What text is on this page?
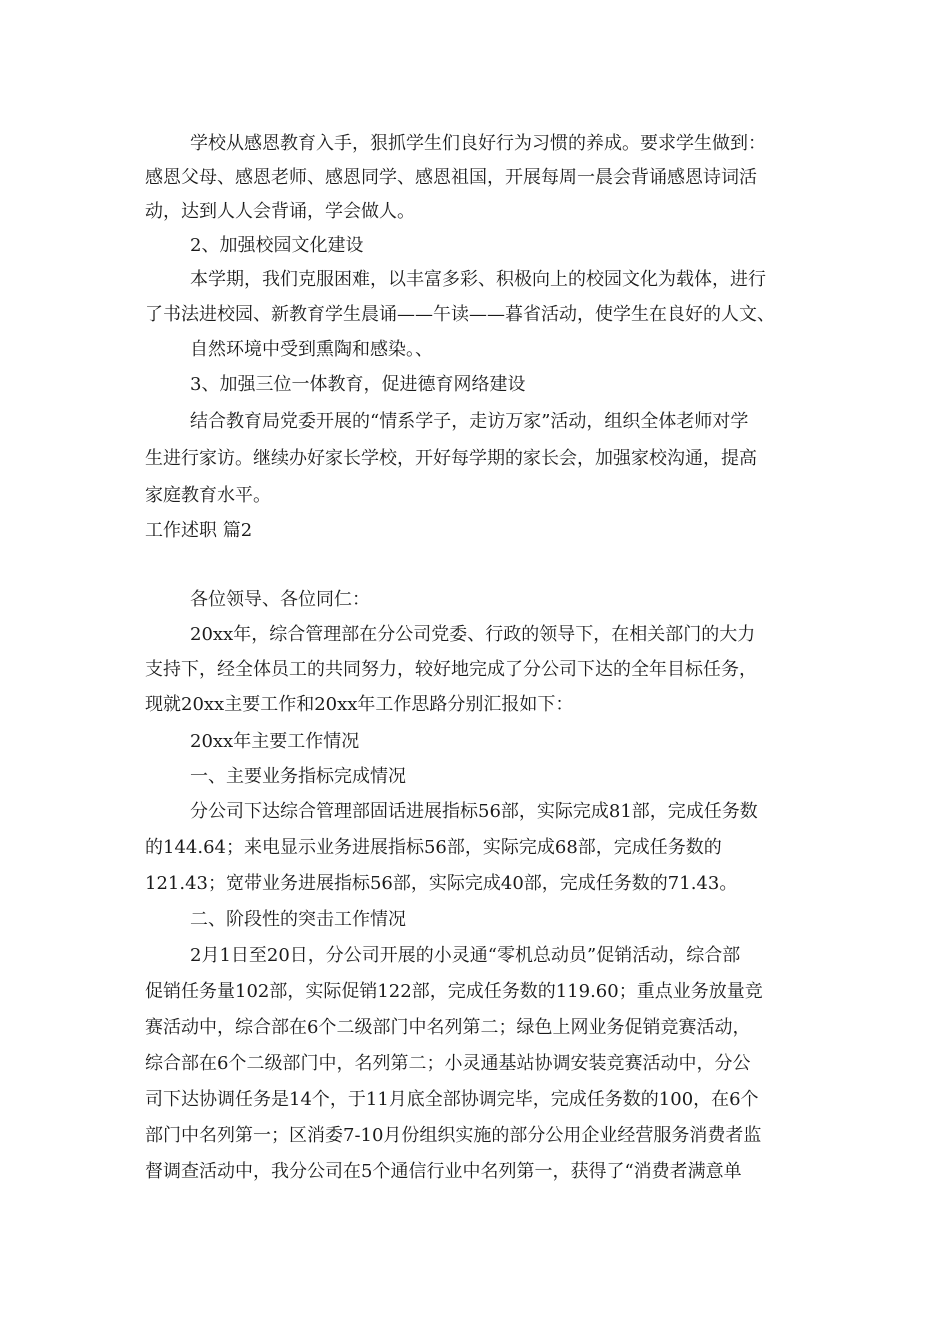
学校从感恩教育入手，狠抓学生们良好行为习惯的养成。要求学生做到：
感恩父母、感恩老师、感恩同学、感恩祖国，开展每周一晨会背诵感恩诗词活
动，达到人人会背诵，学会做人。
2、加强校园文化建设
本学期，我们克服困难，以丰富多彩、积极向上的校园文化为载体，进行
了书法进校园、新教育学生晨诵——午读——暮省活动，使学生在良好的人文、
自然环境中受到熏陶和感染。、
3、加强三位一体教育，促进德育网络建设
结合教育局党委开展的“情系学子，走访万家”活动，组织全体老师对学
生进行家访。继续办好家长学校，开好每学期的家长会，加强家校沟通，提高
家庭教育水平。
工作述职 篇2
各位领导、各位同仁：
20xx年，综合管理部在分公司党委、行政的领导下，在相关部门的大力
支持下，经全体员工的共同努力，较好地完成了分公司下达的全年目标任务，
现就20xx主要工作和20xx年工作思路分别汇报如下：
20xx年主要工作情况
一、主要业务指标完成情况
分公司下达综合管理部固话进展指标56部，实际完成81部，完成任务数
的144.64；来电显示业务进展指标56部，实际完成68部，完成任务数的
121.43；宽带业务进展指标56部，实际完成40部，完成任务数的71.43。
二、阶段性的突击工作情况
2月1日至20日，分公司开展的小灵通“零机总动员”促销活动，综合部
促销任务量102部，实际促销122部，完成任务数的119.60；重点业务放量竞
赛活动中，综合部在6个二级部门中名列第二；绿色上网业务促销竞赛活动，
综合部在6个二级部门中，名列第二；小灵通基站协调安装竞赛活动中，分公
司下达协调任务是14个，于11月底全部协调完毕，完成任务数的100，在6个
部门中名列第一；区消委7-10月份组织实施的部分公用企业经营服务消费者监
督调查活动中，我分公司在5个通信行业中名列第一，获得了“消费者满意单
